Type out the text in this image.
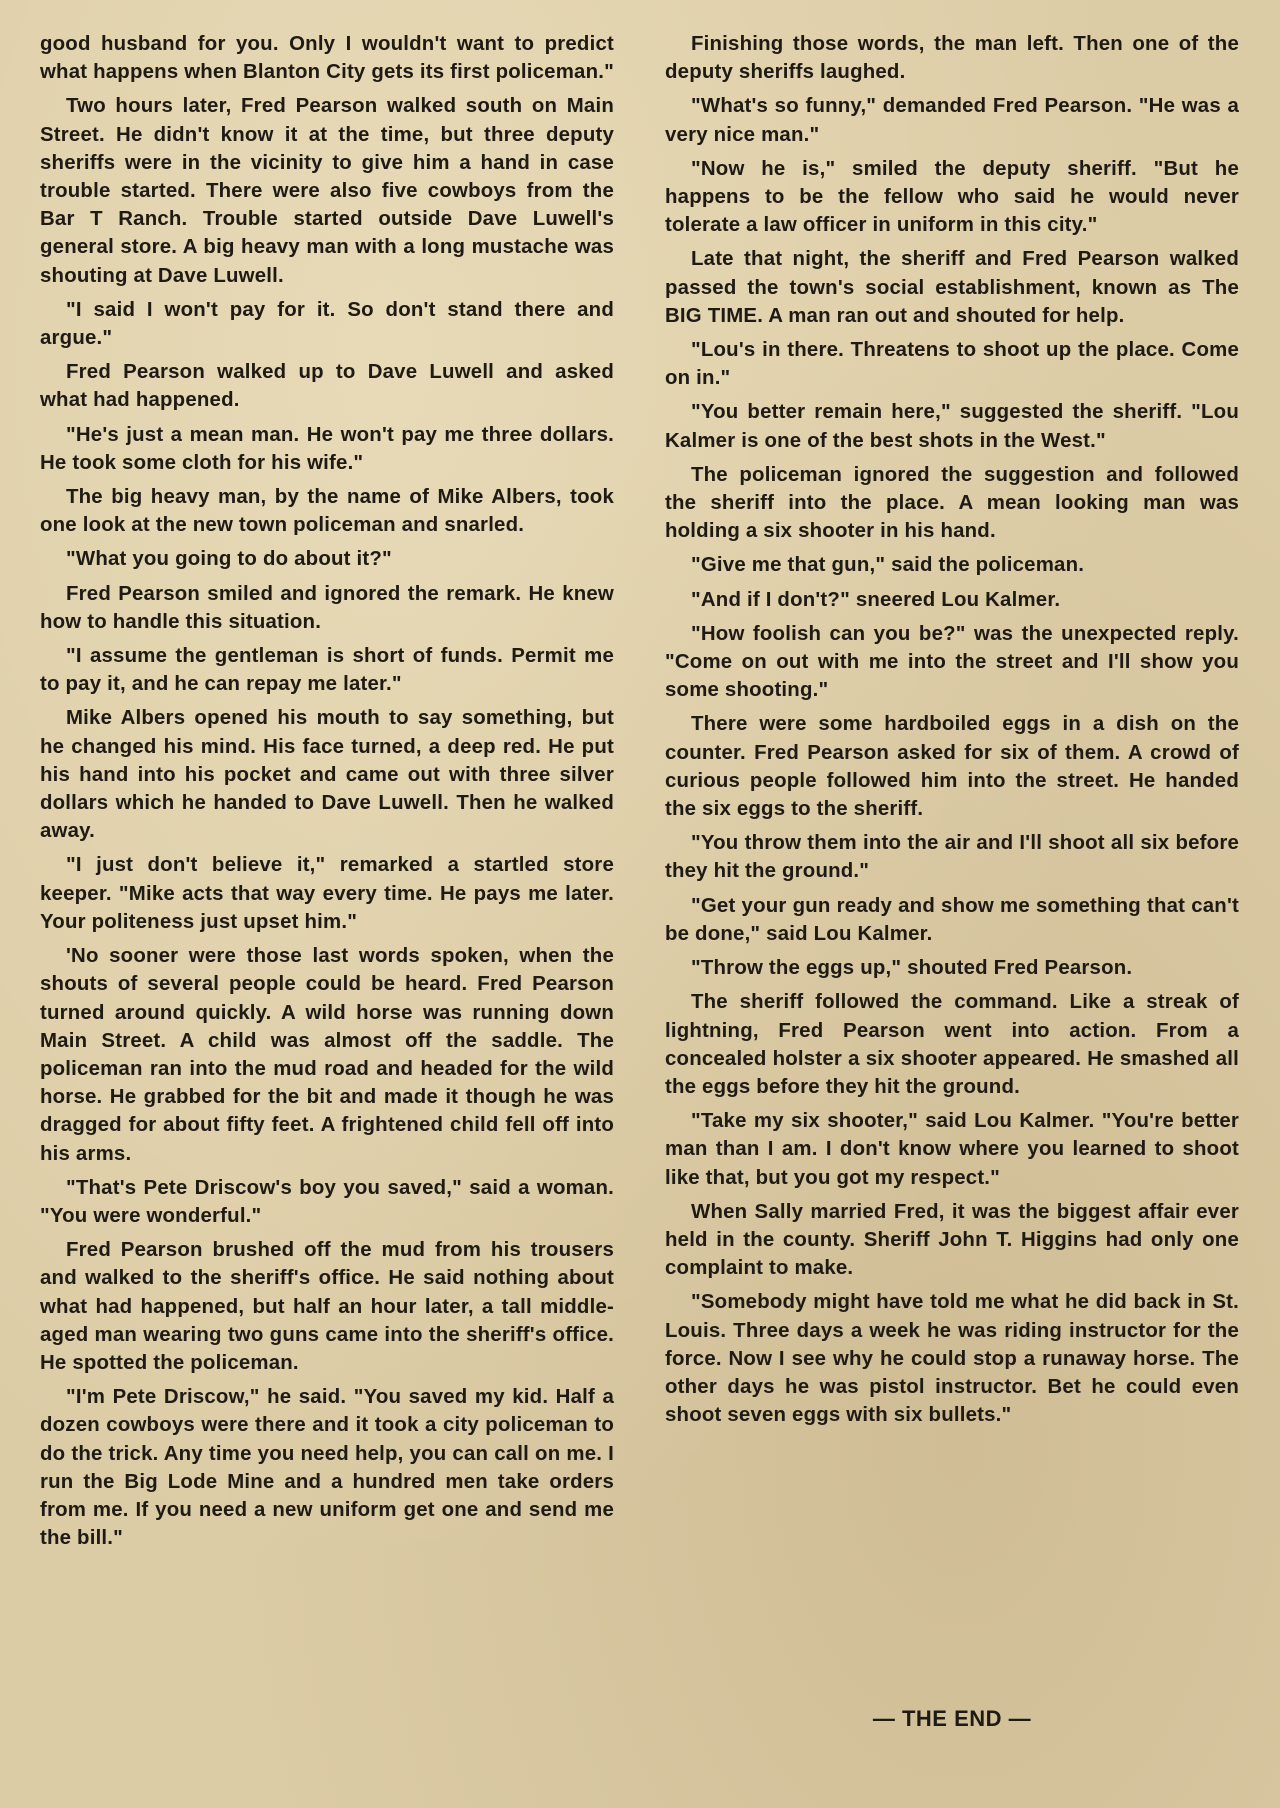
good husband for you. Only I wouldn't want to predict what happens when Blanton City gets its first policeman."

Two hours later, Fred Pearson walked south on Main Street. He didn't know it at the time, but three deputy sheriffs were in the vicinity to give him a hand in case trouble started. There were also five cowboys from the Bar T Ranch. Trouble started outside Dave Luwell's general store. A big heavy man with a long mustache was shouting at Dave Luwell.

"I said I won't pay for it. So don't stand there and argue."

Fred Pearson walked up to Dave Luwell and asked what had happened.

"He's just a mean man. He won't pay me three dollars. He took some cloth for his wife."

The big heavy man, by the name of Mike Albers, took one look at the new town policeman and snarled.

"What you going to do about it?"

Fred Pearson smiled and ignored the remark. He knew how to handle this situation.

"I assume the gentleman is short of funds. Permit me to pay it, and he can repay me later."

Mike Albers opened his mouth to say something, but he changed his mind. His face turned, a deep red. He put his hand into his pocket and came out with three silver dollars which he handed to Dave Luwell. Then he walked away.

"I just don't believe it," remarked a startled store keeper. "Mike acts that way every time. He pays me later. Your politeness just upset him."

'No sooner were those last words spoken, when the shouts of several people could be heard. Fred Pearson turned around quickly. A wild horse was running down Main Street. A child was almost off the saddle. The policeman ran into the mud road and headed for the wild horse. He grabbed for the bit and made it though he was dragged for about fifty feet. A frightened child fell off into his arms.

"That's Pete Driscow's boy you saved," said a woman. "You were wonderful."

Fred Pearson brushed off the mud from his trousers and walked to the sheriff's office. He said nothing about what had happened, but half an hour later, a tall middle-aged man wearing two guns came into the sheriff's office. He spotted the policeman.

"I'm Pete Driscow," he said. "You saved my kid. Half a dozen cowboys were there and it took a city policeman to do the trick. Any time you need help, you can call on me. I run the Big Lode Mine and a hundred men take orders from me. If you need a new uniform get one and send me the bill."

Finishing those words, the man left. Then one of the deputy sheriffs laughed.

"What's so funny," demanded Fred Pearson. "He was a very nice man."

"Now he is," smiled the deputy sheriff. "But he happens to be the fellow who said he would never tolerate a law officer in uniform in this city."

Late that night, the sheriff and Fred Pearson walked passed the town's social establishment, known as The BIG TIME. A man ran out and shouted for help.

"Lou's in there. Threatens to shoot up the place. Come on in."

"You better remain here," suggested the sheriff. "Lou Kalmer is one of the best shots in the West."

The policeman ignored the suggestion and followed the sheriff into the place. A mean looking man was holding a six shooter in his hand.

"Give me that gun," said the policeman.

"And if I don't?" sneered Lou Kalmer.

"How foolish can you be?" was the unexpected reply. "Come on out with me into the street and I'll show you some shooting."

There were some hardboiled eggs in a dish on the counter. Fred Pearson asked for six of them. A crowd of curious people followed him into the street. He handed the six eggs to the sheriff.

"You throw them into the air and I'll shoot all six before they hit the ground."

"Get your gun ready and show me something that can't be done," said Lou Kalmer.

"Throw the eggs up," shouted Fred Pearson.

The sheriff followed the command. Like a streak of lightning, Fred Pearson went into action. From a concealed holster a six shooter appeared. He smashed all the eggs before they hit the ground.

"Take my six shooter," said Lou Kalmer. "You're better man than I am. I don't know where you learned to shoot like that, but you got my respect."

When Sally married Fred, it was the biggest affair ever held in the county. Sheriff John T. Higgins had only one complaint to make.

"Somebody might have told me what he did back in St. Louis. Three days a week he was riding instructor for the force. Now I see why he could stop a runaway horse. The other days he was pistol instructor. Bet he could even shoot seven eggs with six bullets."

— THE END —
